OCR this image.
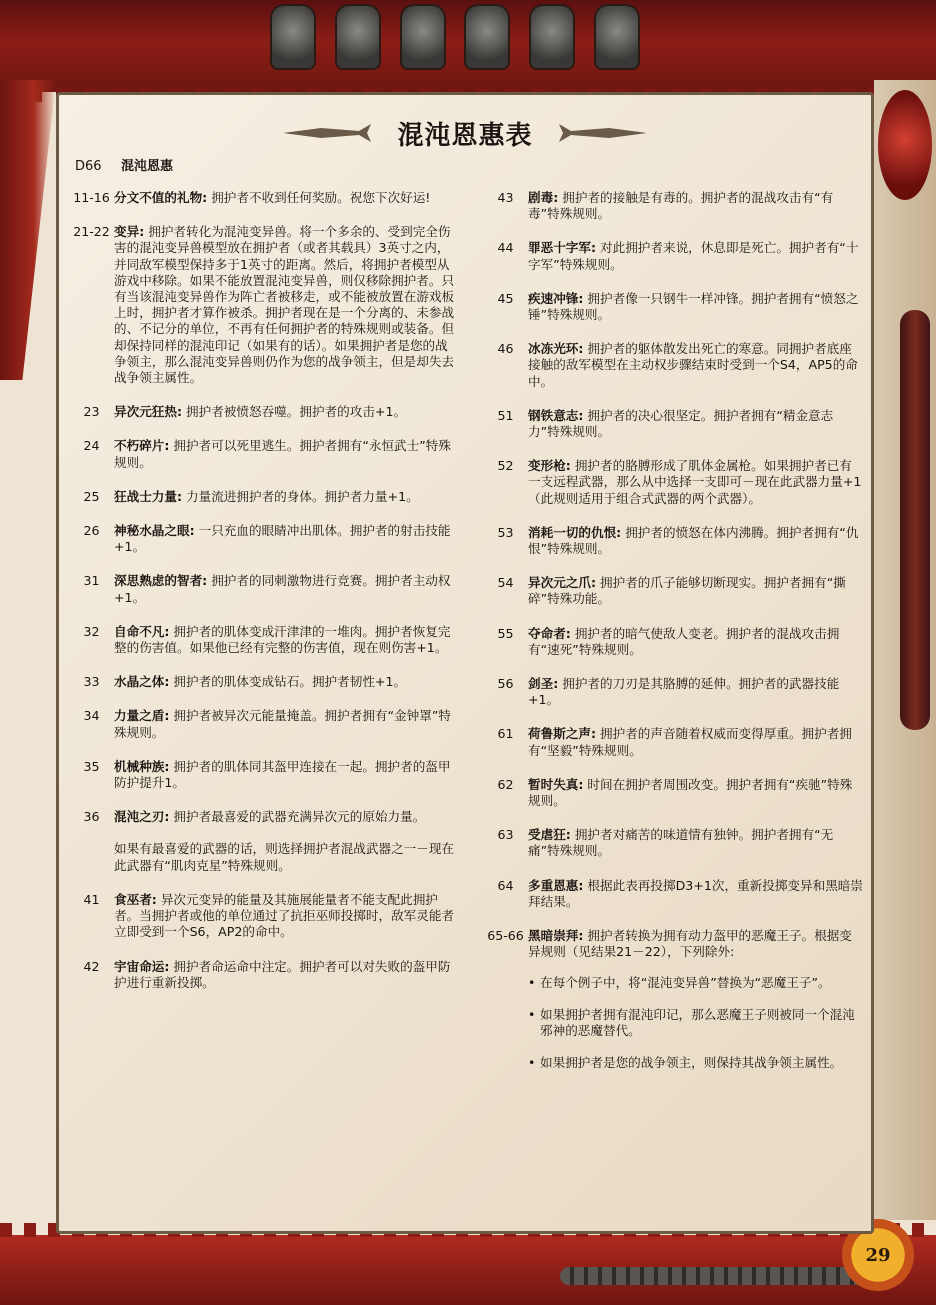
29
混沌恩惠表
D66 混沌恩惠
11-16 分文不值的礼物: 拥护者不收到任何奖励。祝您下次好运!

21-22 变异: 拥护者转化为混沌变异兽。将一个多余的、受到完全伤害的混沌变异兽模型放在拥护者（或者其载具）3英寸之内，并同敌军模型保持多于1英寸的距离。然后，将拥护者模型从游戏中移除。如果不能放置混沌变异兽，则仅移除拥护者。只有当该混沌变异兽作为阵亡者被移走，或不能被放置在游戏板上时，拥护者才算作被杀。拥护者现在是一个分离的、未参战的、不记分的单位，不再有任何拥护者的特殊规则或装备。但却保持同样的混沌印记（如果有的话）。如果拥护者是您的战争领主，那么混沌变异兽则仍作为您的战争领主，但是却失去战争领主属性。

23	异次元狂热: 拥护者被愤怒吞噬。拥护者的攻击+1。

24	不朽碎片: 拥护者可以死里逃生。拥护者拥有“永恒武士”特殊规则。

25	狂战士力量: 力量流进拥护者的身体。拥护者力量+1。

26	神秘水晶之眼: 一只充血的眼睛冲出肌体。拥护者的射击技能+1。

31	深思熟虑的智者: 拥护者的同刺激物进行竞赛。拥护者主动权+1。

32	自命不凡: 拥护者的肌体变成汗津津的一堆肉。拥护者恢复完整的伤害值。如果他已经有完整的伤害值，现在则伤害+1。

33	水晶之体: 拥护者的肌体变成钻石。拥护者韧性+1。

34	力量之盾: 拥护者被异次元能量掩盖。拥护者拥有“金钟罩”特殊规则。

35	机械种族: 拥护者的肌体同其盔甲连接在一起。拥护者的盔甲防护提升1。

36	混沌之刃: 拥护者最喜爱的武器充满异次元的原始力量。

如果有最喜爱的武器的话，则选择拥护者混战武器之一－现在此武器有“肌肉克星”特殊规则。

41	食巫者: 异次元变异的能量及其施展能量者不能支配此拥护者。当拥护者或他的单位通过了抗拒巫师投掷时，敌军灵能者立即受到一个S6，AP2的命中。

42	宇宙命运: 拥护者命运命中注定。拥护者可以对失败的盔甲防护进行重新投掷。

43	剧毒: 拥护者的接触是有毒的。拥护者的混战攻击有“有毒”特殊规则。

44	罪恶十字军: 对此拥护者来说，休息即是死亡。拥护者有“十字军”特殊规则。

45	疾速冲锋: 拥护者像一只钢牛一样冲锋。拥护者拥有“愤怒之锤”特殊规则。

46	冰冻光环: 拥护者的躯体散发出死亡的寒意。同拥护者底座接触的敌军模型在主动权步骤结束时受到一个S4，AP5的命中。

51	钢铁意志: 拥护者的决心很坚定。拥护者拥有“精金意志力”特殊规则。

52	变形枪: 拥护者的胳膊形成了肌体金属枪。如果拥护者已有一支远程武器，那么从中选择一支即可－现在此武器力量+1（此规则适用于组合式武器的两个武器）。

53	消耗一切的仇恨: 拥护者的愤怒在体内沸腾。拥护者拥有“仇恨”特殊规则。

54	异次元之爪: 拥护者的爪子能够切断现实。拥护者拥有“撕碎”特殊功能。

55	夺命者: 拥护者的暗气使敌人变老。拥护者的混战攻击拥有“速死”特殊规则。

56	剑圣: 拥护者的刀刃是其胳膊的延伸。拥护者的武器技能+1。

61	荷鲁斯之声: 拥护者的声音随着权威而变得厚重。拥护者拥有“坚毅”特殊规则。

62	暂时失真: 时间在拥护者周围改变。拥护者拥有“疾驰”特殊规则。

63	受虐狂: 拥护者对痛苦的味道情有独钟。拥护者拥有“无痛”特殊规则。

64	多重恩惠: 根据此表再投掷D3+1次，重新投掷变异和黑暗崇拜结果。

65-66 黑暗崇拜: 拥护者转换为拥有动力盔甲的恶魔王子。根据变异规则（见结果21－22），下列除外:

• 在每个例子中，将“混沌变异兽”替换为“恶魔王子”。
• 如果拥护者拥有混沌印记，那么恶魔王子则被同一个混沌邪神的恶魔替代。
• 如果拥护者是您的战争领主，则保持其战争领主属性。
